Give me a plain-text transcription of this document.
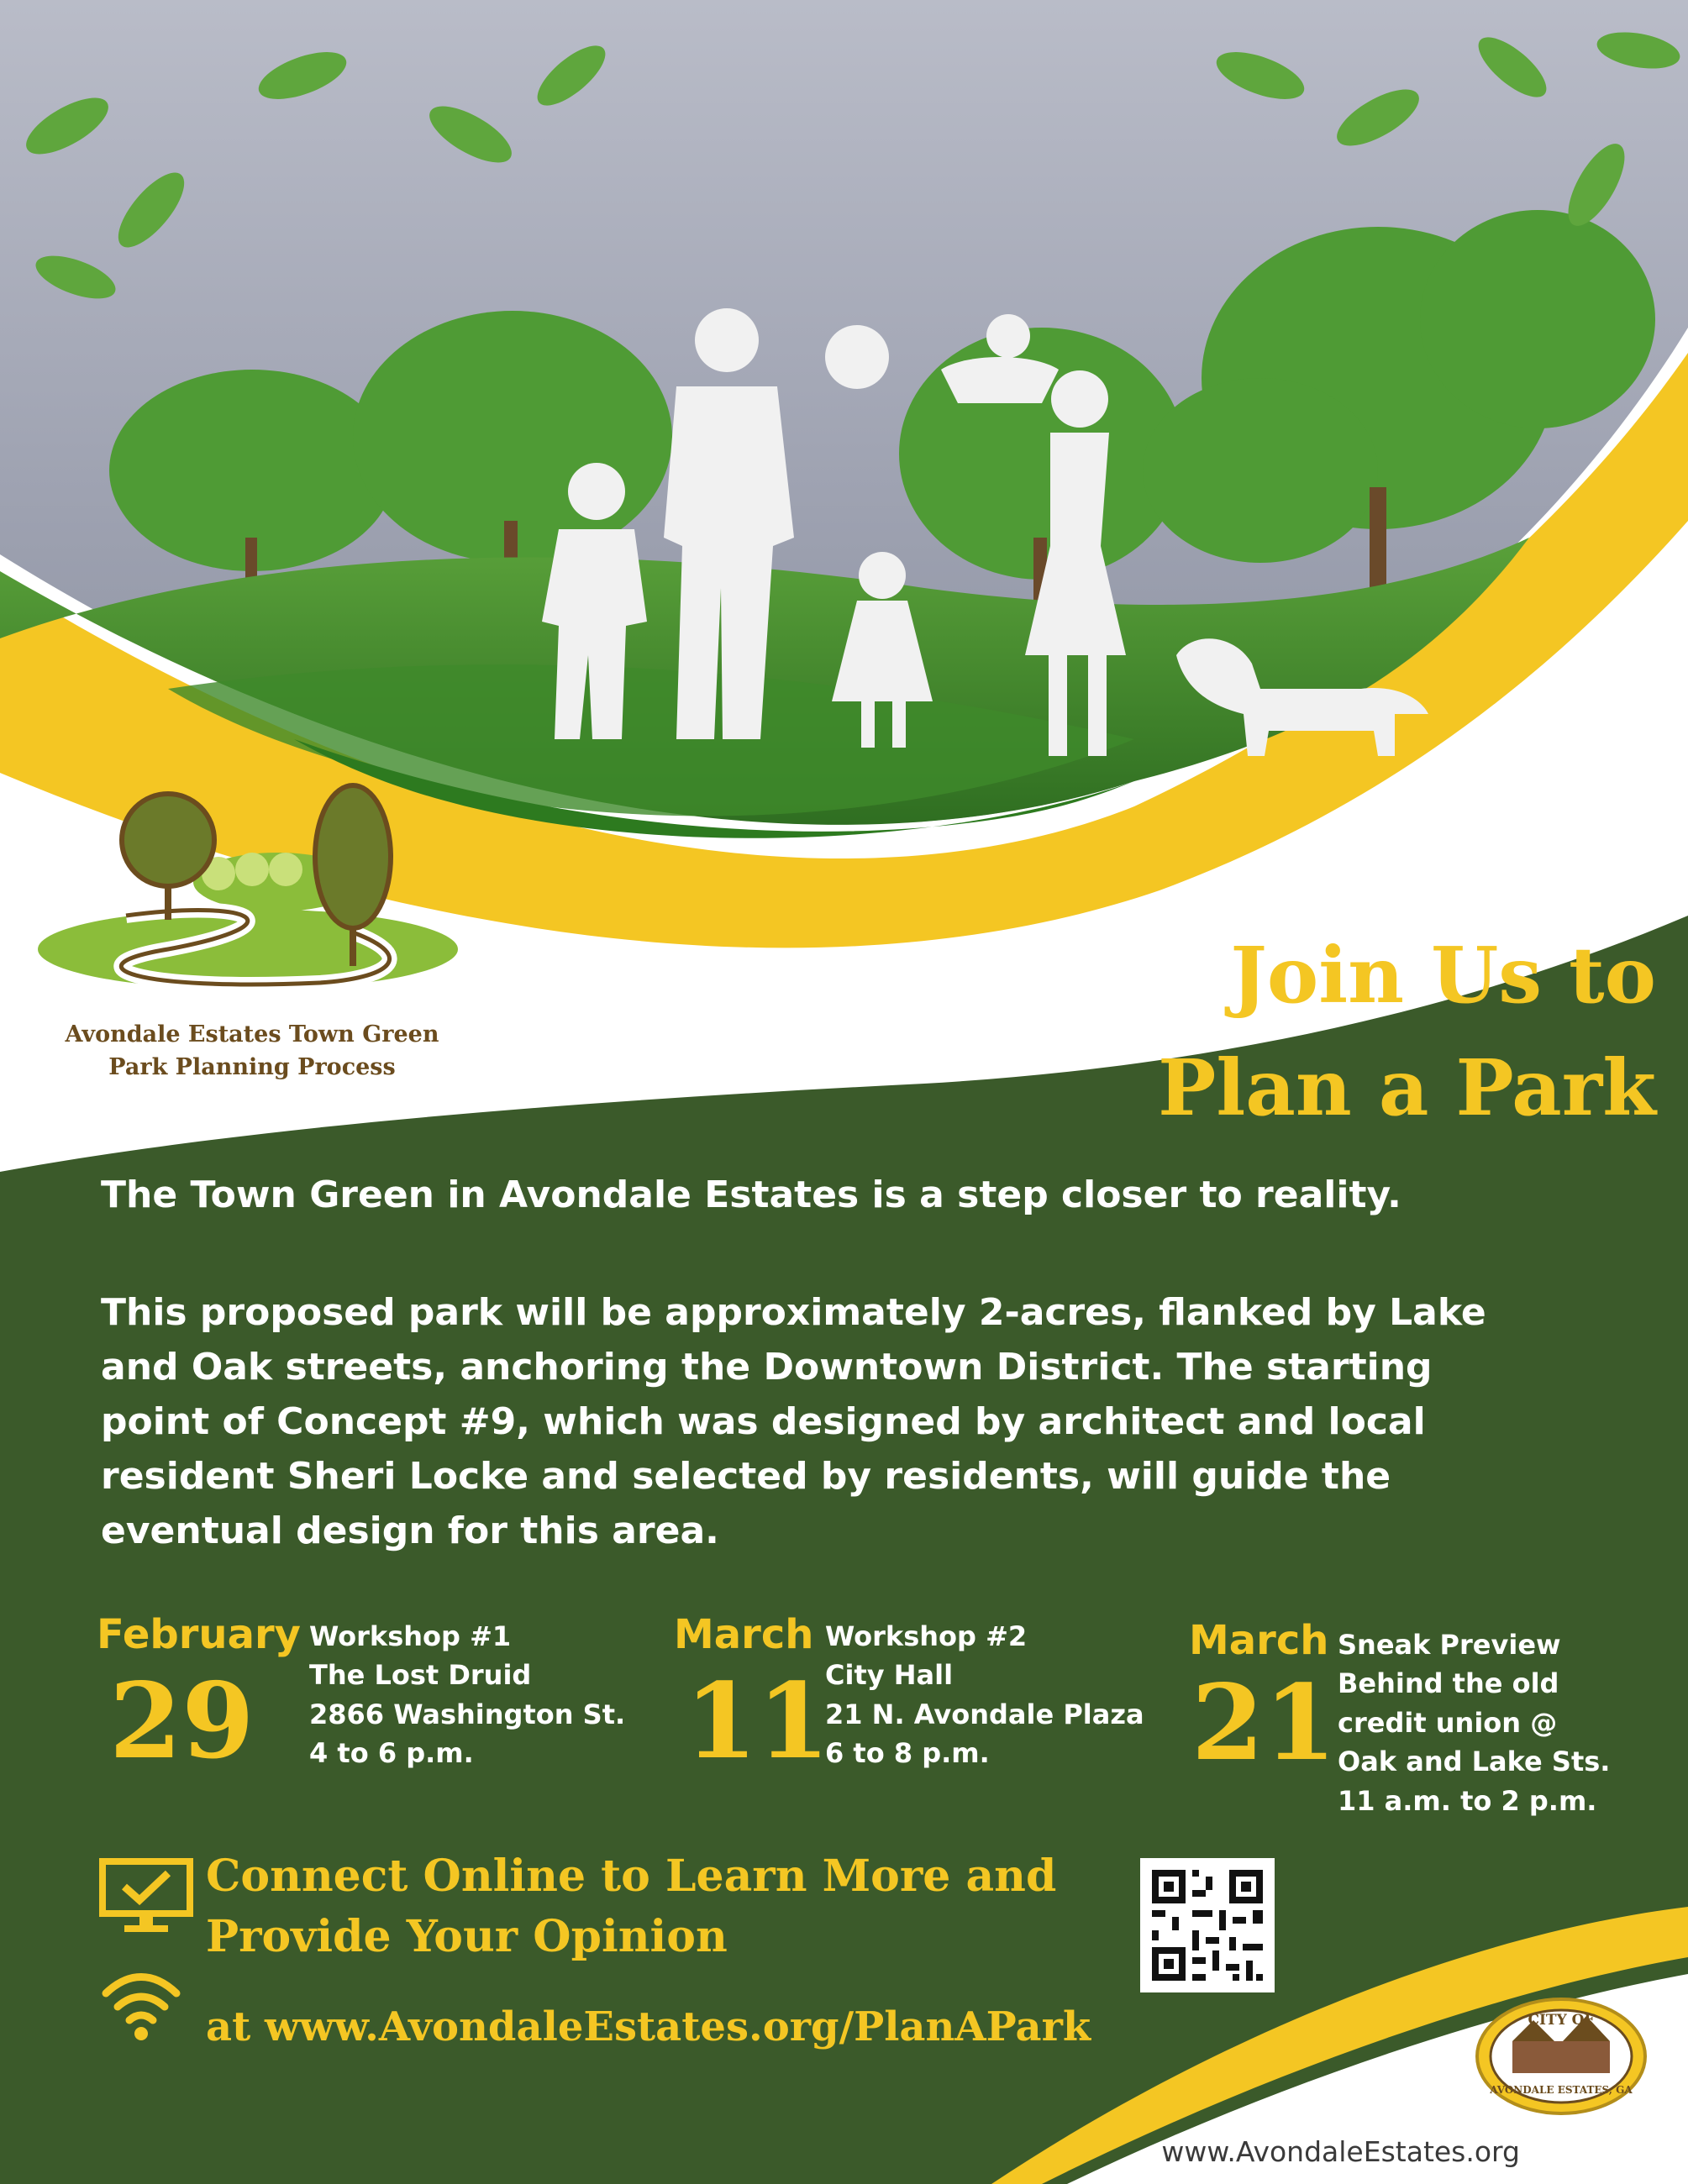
Avondale Estates Town Green
Park Planning Process
Join Us to
Plan a Park
The Town Green in Avondale Estates is a step closer to reality.
This proposed park will be approximately 2-acres, flanked by Lake
and Oak streets, anchoring the Downtown District. The starting
point of Concept #9, which was designed by architect and local
resident Sheri Locke and selected by residents, will guide the
eventual design for this area.
February
29
Workshop #1
The Lost Druid
2866 Washington St.
4 to 6 p.m.
March
11
Workshop #2
City Hall
21 N. Avondale Plaza
6 to 8 p.m.
March
21
Sneak Preview
Behind the old
credit union @
Oak and Lake Sts.
11 a.m. to 2 p.m.
Connect Online to Learn More and
Provide Your Opinion
at www.AvondaleEstates.org/PlanAPark	CITY OF
AVONDALE ESTATES, GA
www.AvondaleEstates.org
